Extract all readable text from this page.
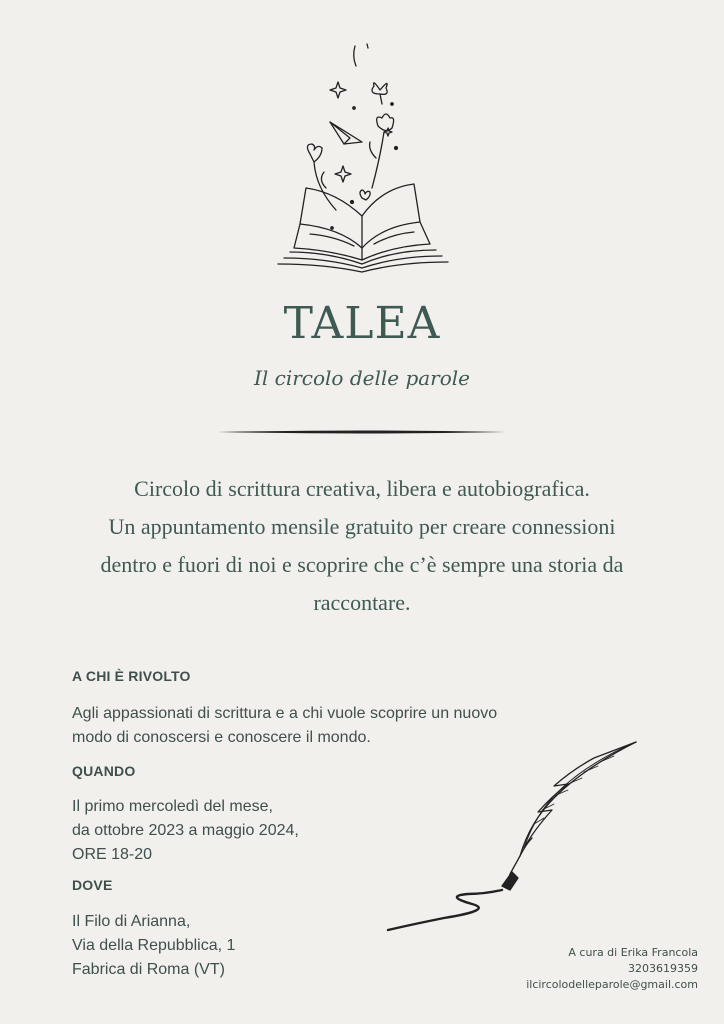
TALEA
Il circolo delle parole

Circolo di scrittura creativa, libera e autobiografica.

Un appuntamento mensile gratuito per creare connessioni

dentro e fuori di noi e scoprire che c’è sempre una storia da

raccontare.

A CHI È RIVOLTO
Agli appassionati di scrittura e a chi vuole scoprire un nuovo
modo di conoscersi e conoscere il mondo.
QUANDO
Il primo mercoledì del mese,
da ottobre 2023 a maggio 2024,
ORE 18-20
DOVE
Il Filo di Arianna,
Via della Repubblica, 1
Fabrica di Roma (VT)
A cura di Erika Francola
3203619359
ilcircolodelleparole@gmail.com
